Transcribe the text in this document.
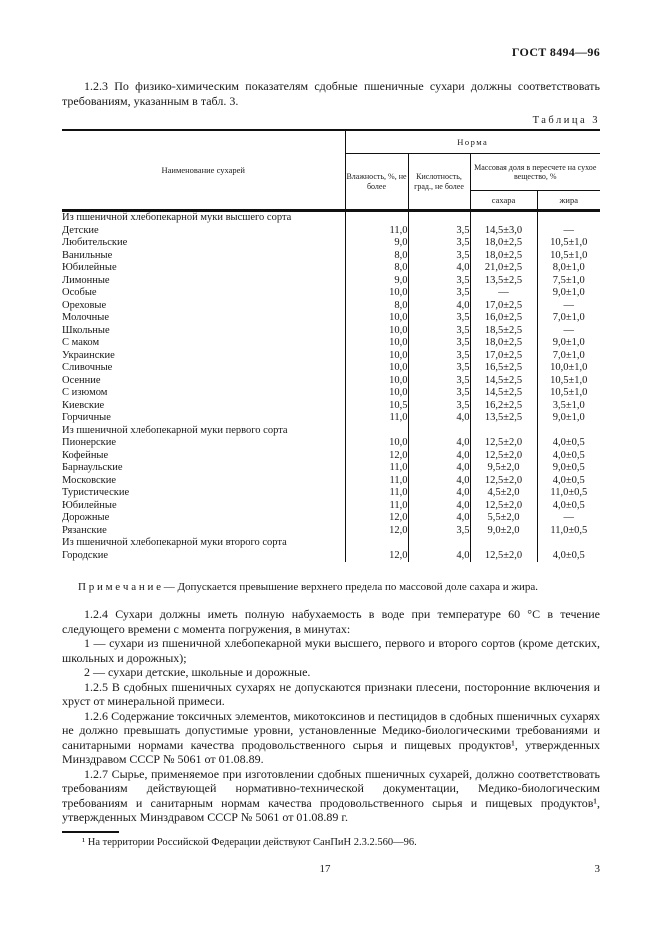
ГОСТ 8494—96

1.2.3 По физико-химическим показателям сдобные пшеничные сухари должны соответствовать требованиям, указанным в табл. 3.

Таблица 3
Наименование сухарей	Норма			
	Влажность, %, не более	Кислотность, град., не более	Массовая доля в пересчете на сухое вещество, %	
			сахара	жира
Из пшеничной хлебопекарной муки высшего сорта				
Детские	11,0	3,5	14,5±3,0	—
Любительские	9,0	3,5	18,0±2,5	10,5±1,0
Ванильные	8,0	3,5	18,0±2,5	10,5±1,0
Юбилейные	8,0	4,0	21,0±2,5	8,0±1,0
Лимонные	9,0	3,5	13,5±2,5	7,5±1,0
Особые	10,0	3,5	—	9,0±1,0
Ореховые	8,0	4,0	17,0±2,5	—
Молочные	10,0	3,5	16,0±2,5	7,0±1,0
Школьные	10,0	3,5	18,5±2,5	—
С маком	10,0	3,5	18,0±2,5	9,0±1,0
Украинские	10,0	3,5	17,0±2,5	7,0±1,0
Сливочные	10,0	3,5	16,5±2,5	10,0±1,0
Осенние	10,0	3,5	14,5±2,5	10,5±1,0
С изюмом	10,0	3,5	14,5±2,5	10,5±1,0
Киевские	10,5	3,5	16,2±2,5	3,5±1,0
Горчичные	11,0	4,0	13,5±2,5	9,0±1,0
Из пшеничной хлебопекарной муки первого сорта				
Пионерские	10,0	4,0	12,5±2,0	4,0±0,5
Кофейные	12,0	4,0	12,5±2,0	4,0±0,5
Барнаульские	11,0	4,0	9,5±2,0	9,0±0,5
Московские	11,0	4,0	12,5±2,0	4,0±0,5
Туристические	11,0	4,0	4,5±2,0	11,0±0,5
Юбилейные	11,0	4,0	12,5±2,0	4,0±0,5
Дорожные	12,0	4,0	5,5±2,0	—
Рязанские	12,0	3,5	9,0±2,0	11,0±0,5
Из пшеничной хлебопекарной муки второго сорта				
Городские	12,0	4,0	12,5±2,0	4,0±0,5

П р и м е ч а н и е — Допускается превышение верхнего предела по массовой доле сахара и жира.

1.2.4 Сухари должны иметь полную набухаемость в воде при температуре 60 °С в течение следующего времени с момента погружения, в минутах:

1 — сухари из пшеничной хлебопекарной муки высшего, первого и второго сортов (кроме детских, школьных и дорожных);

2 — сухари детские, школьные и дорожные.

1.2.5 В сдобных пшеничных сухарях не допускаются признаки плесени, посторонние включения и хруст от минеральной примеси.

1.2.6 Содержание токсичных элементов, микотоксинов и пестицидов в сдобных пшеничных сухарях не должно превышать допустимые уровни, установленные Медико-биологическими требованиями и санитарными нормами качества продовольственного сырья и пищевых продуктов¹, утвержденных Минздравом СССР № 5061 от 01.08.89.

1.2.7 Сырье, применяемое при изготовлении сдобных пшеничных сухарей, должно соответствовать требованиям действующей нормативно-технической документации, Медико-биологическим требованиям и санитарным нормам качества продовольственного сырья и пищевых продуктов¹, утвержденных Минздравом СССР № 5061 от 01.08.89 г.

¹ На территории Российской Федерации действуют СанПиН 2.3.2.560—96.

17	3
